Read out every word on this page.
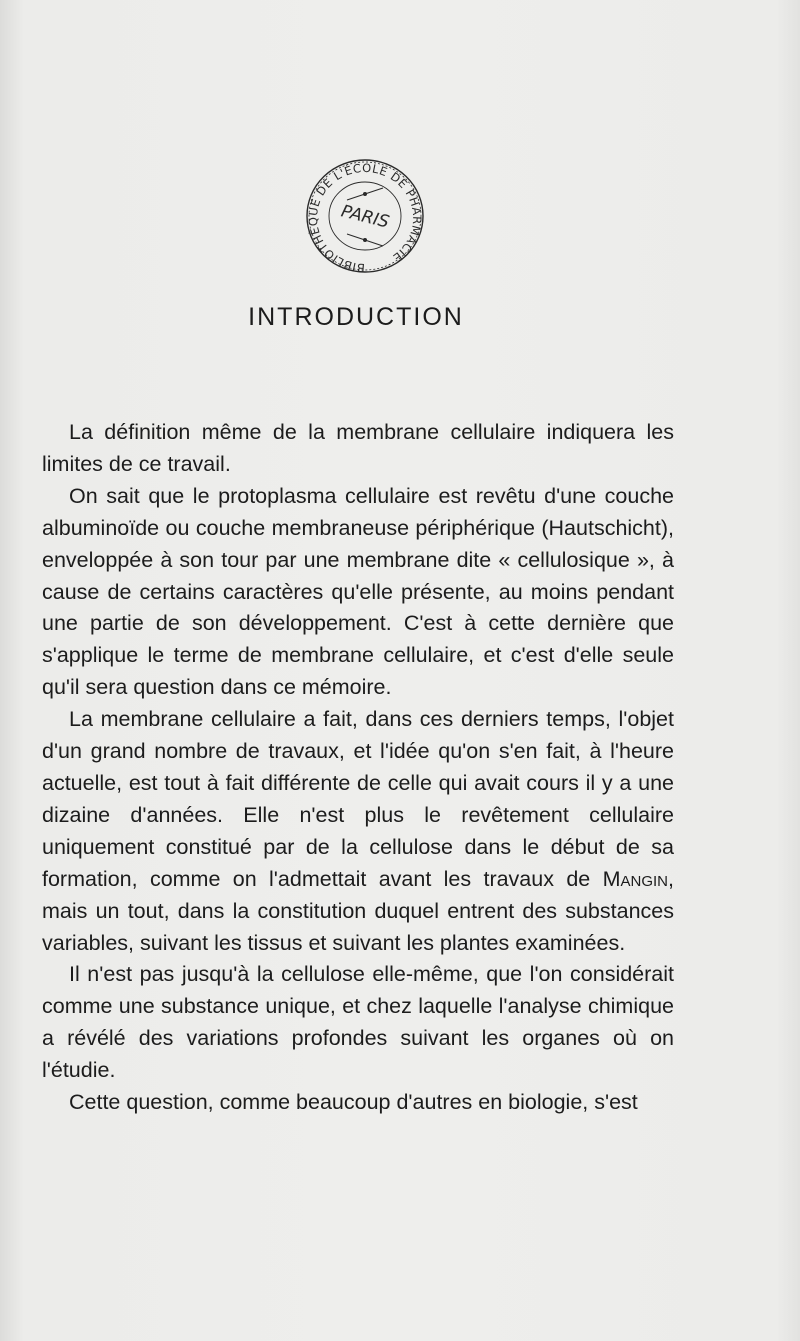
BIBLIOTHÈQUE DE L'ÉCOLE DE PHARMACIE
PARIS
INTRODUCTION

La définition même de la membrane cellulaire indiquera les limites de ce travail.

On sait que le protoplasma cellulaire est revêtu d'une couche albuminoïde ou couche membraneuse périphérique (Hautschicht), enveloppée à son tour par une membrane dite « cellulosique », à cause de certains caractères qu'elle présente, au moins pendant une partie de son développement. C'est à cette dernière que s'applique le terme de membrane cellulaire, et c'est d'elle seule qu'il sera question dans ce mémoire.

La membrane cellulaire a fait, dans ces derniers temps, l'objet d'un grand nombre de travaux, et l'idée qu'on s'en fait, à l'heure actuelle, est tout à fait différente de celle qui avait cours il y a une dizaine d'années. Elle n'est plus le revêtement cellulaire uniquement constitué par de la cellulose dans le début de sa formation, comme on l'admettait avant les travaux de Mangin, mais un tout, dans la constitution duquel entrent des substances variables, suivant les tissus et suivant les plantes examinées.

Il n'est pas jusqu'à la cellulose elle-même, que l'on considérait comme une substance unique, et chez laquelle l'analyse chimique a révélé des variations profondes suivant les organes où on l'étudie.

Cette question, comme beaucoup d'autres en biologie, s'est
